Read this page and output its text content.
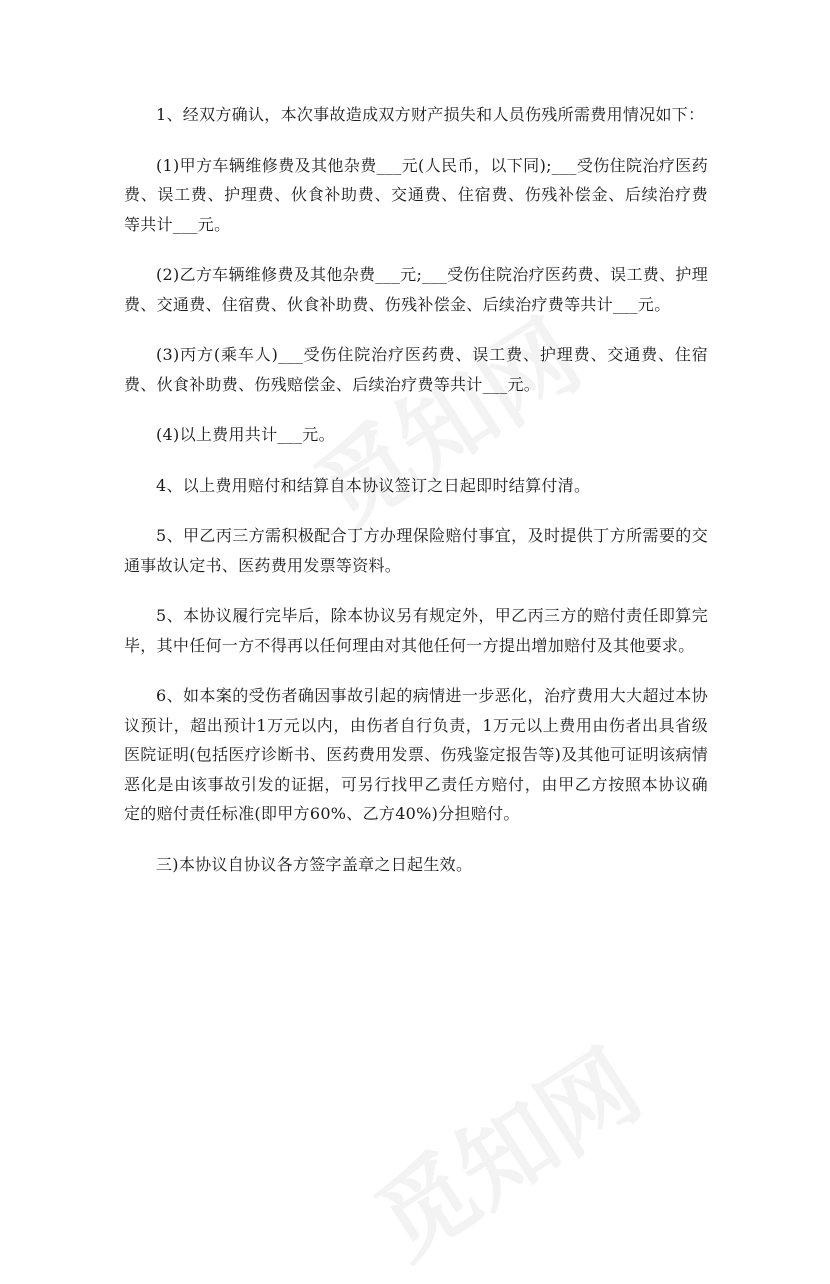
1、经双方确认，本次事故造成双方财产损失和人员伤残所需费用情况如下：

(1)甲方车辆维修费及其他杂费___元(人民币，以下同);___受伤住院治疗医药费、误工费、护理费、伙食补助费、交通费、住宿费、伤残补偿金、后续治疗费等共计___元。

(2)乙方车辆维修费及其他杂费___元;___受伤住院治疗医药费、误工费、护理费、交通费、住宿费、伙食补助费、伤残补偿金、后续治疗费等共计___元。

(3)丙方(乘车人)___受伤住院治疗医药费、误工费、护理费、交通费、住宿费、伙食补助费、伤残赔偿金、后续治疗费等共计___元。

(4)以上费用共计___元。

4、以上费用赔付和结算自本协议签订之日起即时结算付清。

5、甲乙丙三方需积极配合丁方办理保险赔付事宜，及时提供丁方所需要的交通事故认定书、医药费用发票等资料。

5、本协议履行完毕后，除本协议另有规定外，甲乙丙三方的赔付责任即算完毕，其中任何一方不得再以任何理由对其他任何一方提出增加赔付及其他要求。

6、如本案的受伤者确因事故引起的病情进一步恶化，治疗费用大大超过本协议预计，超出预计1万元以内，由伤者自行负责，1万元以上费用由伤者出具省级医院证明(包括医疗诊断书、医药费用发票、伤残鉴定报告等)及其他可证明该病情恶化是由该事故引发的证据，可另行找甲乙责任方赔付，由甲乙方按照本协议确定的赔付责任标准(即甲方60%、乙方40%)分担赔付。

三)本协议自协议各方签字盖章之日起生效。
